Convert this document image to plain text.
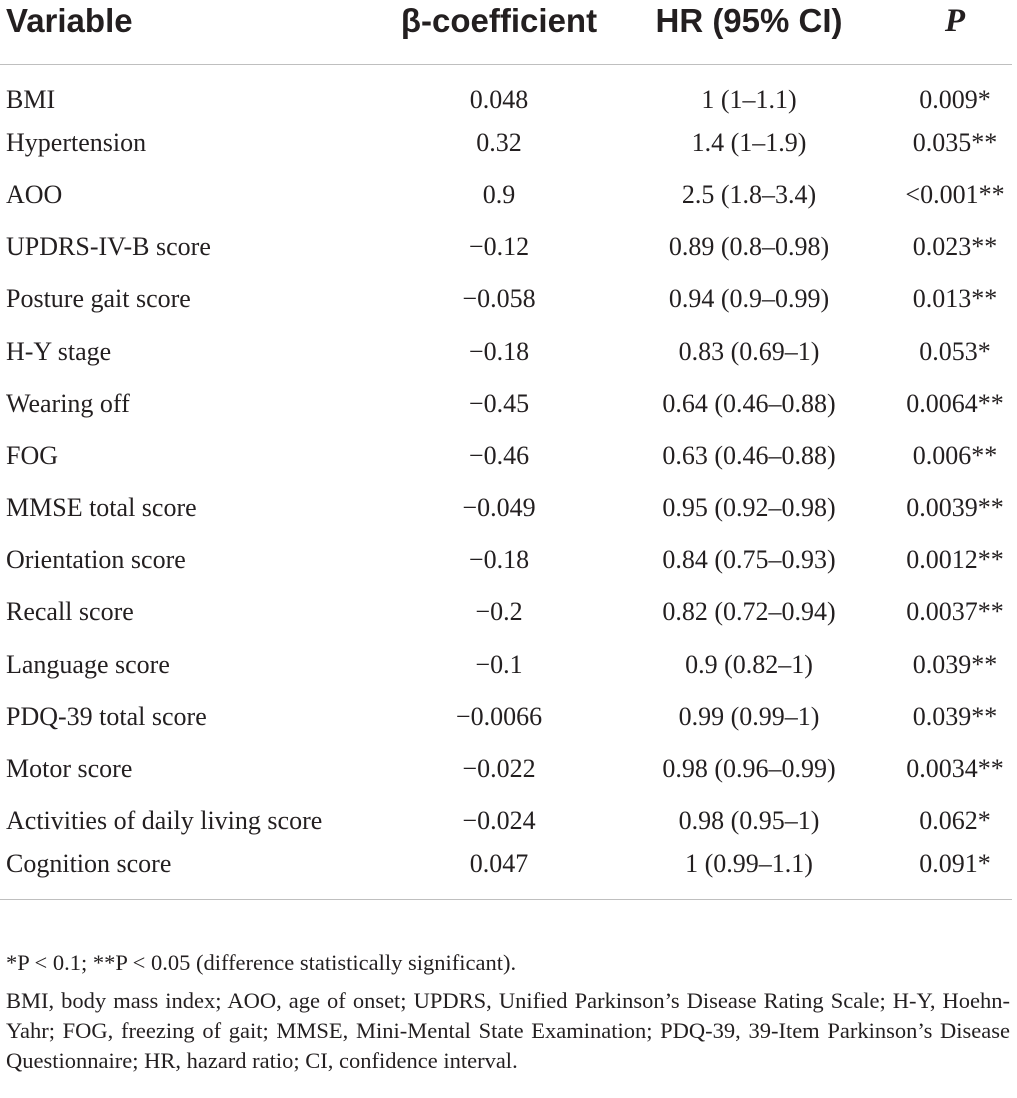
Variable	β-coefficient	HR (95% CI)	P
BMI	0.048	1 (1–1.1)	0.009*
Hypertension	0.32	1.4 (1–1.9)	0.035**
AOO	0.9	2.5 (1.8–3.4)	<0.001**
UPDRS-IV-B score	−0.12	0.89 (0.8–0.98)	0.023**
Posture gait score	−0.058	0.94 (0.9–0.99)	0.013**
H-Y stage	−0.18	0.83 (0.69–1)	0.053*
Wearing off	−0.45	0.64 (0.46–0.88)	0.0064**
FOG	−0.46	0.63 (0.46–0.88)	0.006**
MMSE total score	−0.049	0.95 (0.92–0.98)	0.0039**
Orientation score	−0.18	0.84 (0.75–0.93)	0.0012**
Recall score	−0.2	0.82 (0.72–0.94)	0.0037**
Language score	−0.1	0.9 (0.82–1)	0.039**
PDQ-39 total score	−0.0066	0.99 (0.99–1)	0.039**
Motor score	−0.022	0.98 (0.96–0.99)	0.0034**
Activities of daily living score	−0.024	0.98 (0.95–1)	0.062*
Cognition score	0.047	1 (0.99–1.1)	0.091*

*P < 0.1; **P < 0.05 (difference statistically significant).

BMI, body mass index; AOO, age of onset; UPDRS, Unified Parkinson’s Disease Rating Scale; H-Y, Hoehn-Yahr; FOG, freezing of gait; MMSE, Mini-Mental State Examination; PDQ-39, 39-Item Parkinson’s Disease Questionnaire; HR, hazard ratio; CI, confidence interval.
